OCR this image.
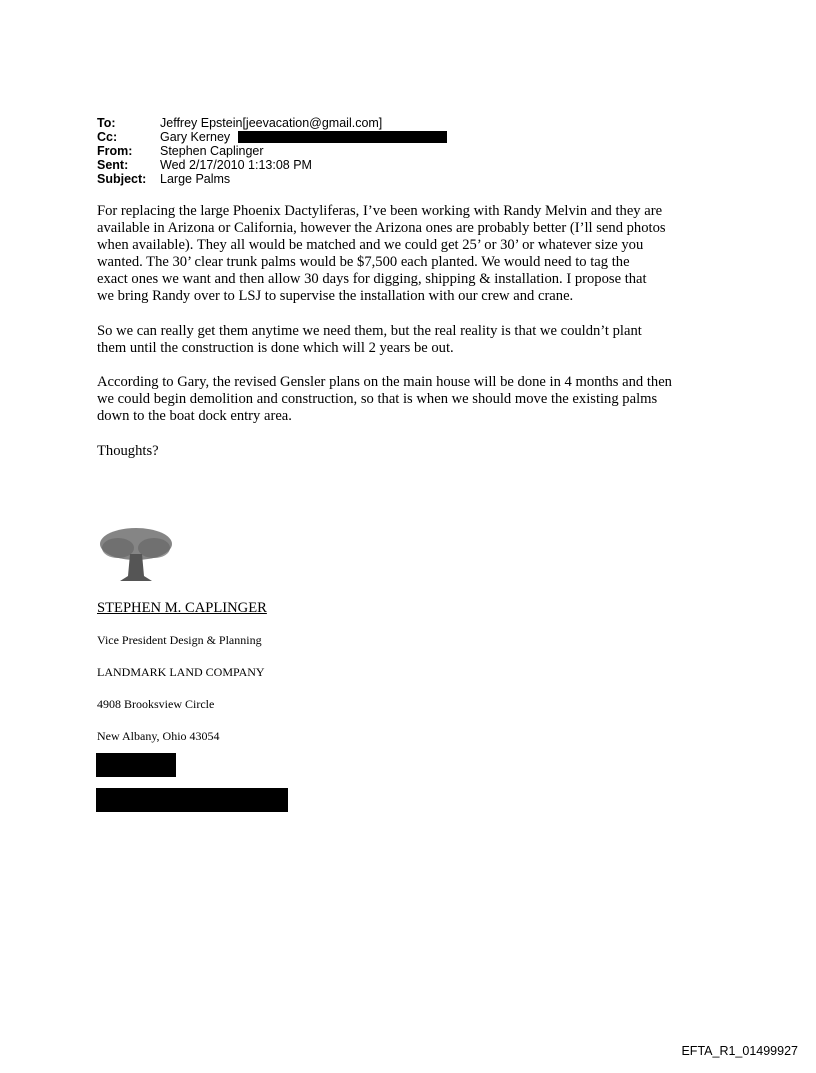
To:	Jeffrey Epstein[jeevacation@gmail.com]
Cc:	Gary Kerney
From: Stephen Caplinger
Sent:	Wed 2/17/2010 1:13:08 PM
Subject: Large Palms
For replacing the large Phoenix Dactyliferas, I’ve been working with Randy Melvin and they are
available in Arizona or California, however the Arizona ones are probably better (I’ll send photos
when available). They all would be matched and we could get 25’ or 30’ or whatever size you
wanted. The 30’ clear trunk palms would be $7,500 each planted. We would need to tag the
exact ones we want and then allow 30 days for digging, shipping & installation. I propose that
we bring Randy over to LSJ to supervise the installation with our crew and crane.
So we can really get them anytime we need them, but the real reality is that we couldn’t plant
them until the construction is done which will 2 years be out.
According to Gary, the revised Gensler plans on the main house will be done in 4 months and then
we could begin demolition and construction, so that is when we should move the existing palms
down to the boat dock entry area.
Thoughts?
STEPHEN M. CAPLINGER
Vice President Design & Planning
LANDMARK LAND COMPANY
4908 Brooksview Circle
New Albany, Ohio 43054
EFTA_R1_01499927
